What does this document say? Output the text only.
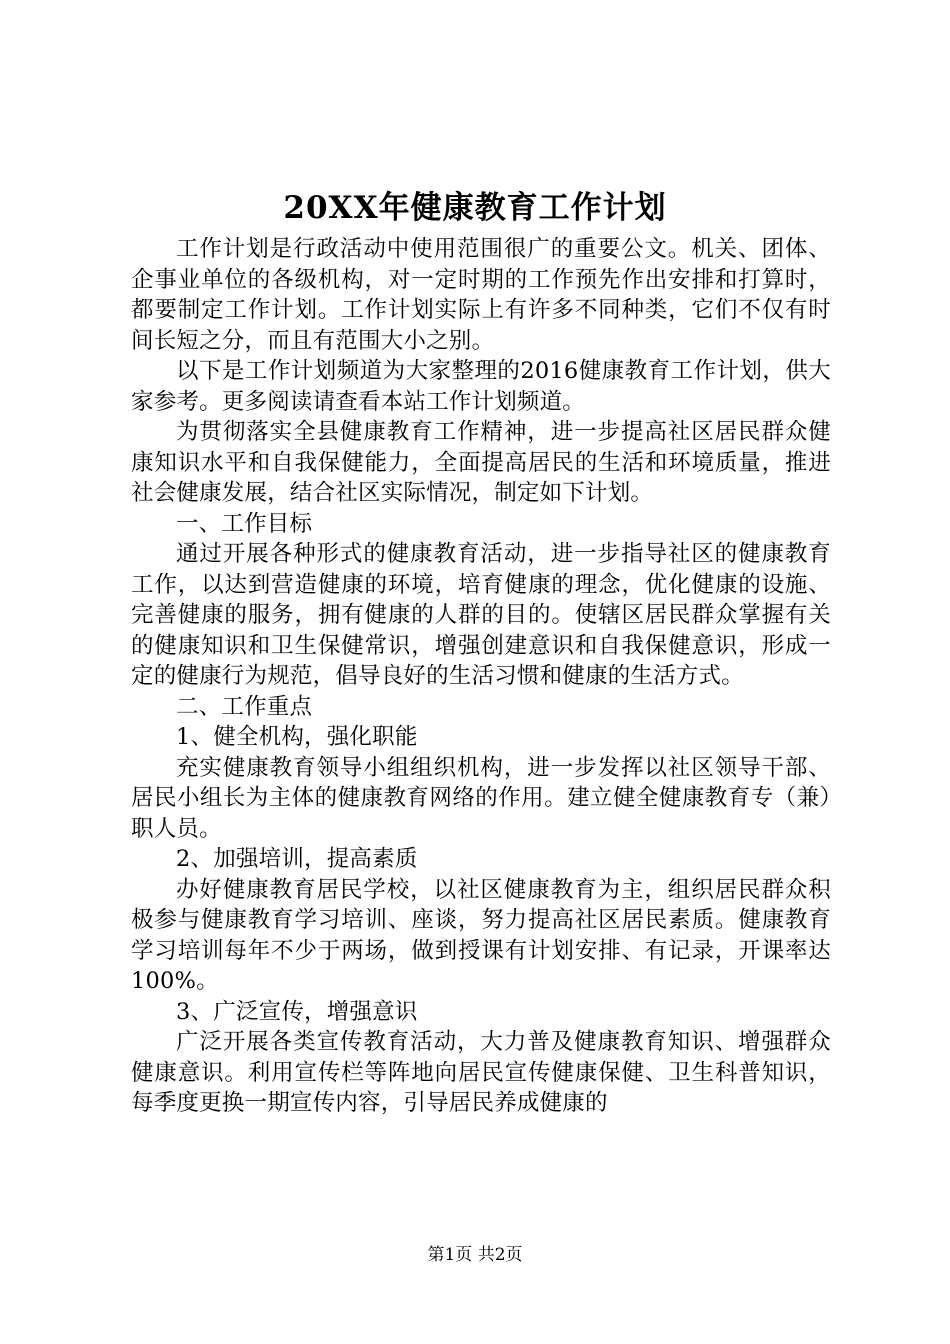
20XX年健康教育工作计划

工作计划是行政活动中使用范围很广的重要公文。机关、团体、企事业单位的各级机构，对一定时期的工作预先作出安排和打算时，都要制定工作计划。工作计划实际上有许多不同种类，它们不仅有时间长短之分，而且有范围大小之别。

以下是工作计划频道为大家整理的2016健康教育工作计划，供大家参考。更多阅读请查看本站工作计划频道。

为贯彻落实全县健康教育工作精神，进一步提高社区居民群众健康知识水平和自我保健能力，全面提高居民的生活和环境质量，推进社会健康发展，结合社区实际情况，制定如下计划。

一、工作目标

通过开展各种形式的健康教育活动，进一步指导社区的健康教育工作，以达到营造健康的环境，培育健康的理念，优化健康的设施、完善健康的服务，拥有健康的人群的目的。使辖区居民群众掌握有关的健康知识和卫生保健常识，增强创建意识和自我保健意识，形成一定的健康行为规范，倡导良好的生活习惯和健康的生活方式。

二、工作重点

1、健全机构，强化职能

充实健康教育领导小组组织机构，进一步发挥以社区领导干部、居民小组长为主体的健康教育网络的作用。建立健全健康教育专（兼）职人员。

2、加强培训，提高素质

办好健康教育居民学校，以社区健康教育为主，组织居民群众积极参与健康教育学习培训、座谈，努力提高社区居民素质。健康教育学习培训每年不少于两场，做到授课有计划安排、有记录，开课率达100%。

3、广泛宣传，增强意识

广泛开展各类宣传教育活动，大力普及健康教育知识、增强群众健康意识。利用宣传栏等阵地向居民宣传健康保健、卫生科普知识，每季度更换一期宣传内容，引导居民养成健康的

第1页 共2页
